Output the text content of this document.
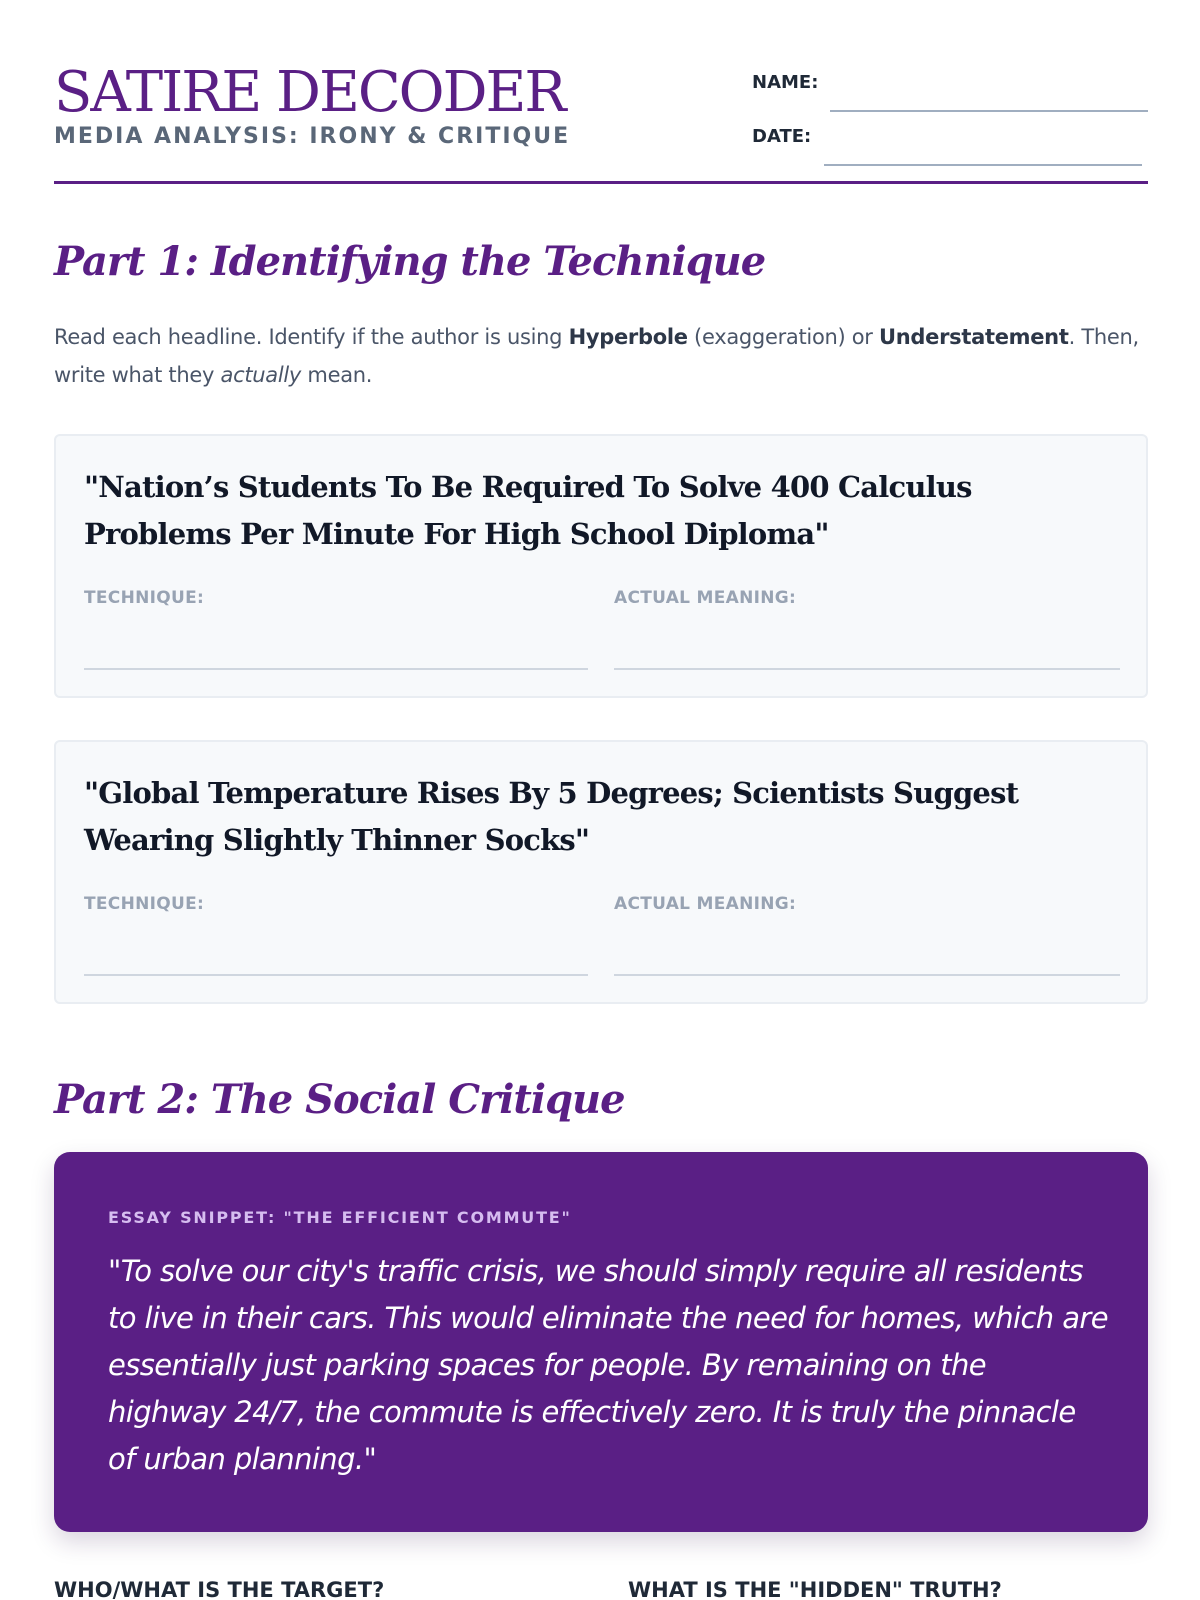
SATIRE DECODER
MEDIA ANALYSIS: IRONY & CRITIQUE
NAME:
DATE:
Part 1: Identifying the Technique

Read each headline. Identify if the author is using Hyperbole (exaggeration) or Understatement. Then, write what they actually mean.

"Nation’s Students To Be Required To Solve 400 Calculus Problems Per Minute For High School Diploma"
TECHNIQUE:	ACTUAL MEANING:
"Global Temperature Rises By 5 Degrees; Scientists Suggest Wearing Slightly Thinner Socks"
TECHNIQUE:	ACTUAL MEANING:
Part 2: The Social Critique
ESSAY SNIPPET: "THE EFFICIENT COMMUTE"
"To solve our city's traffic crisis, we should simply require all residents to live in their cars. This would eliminate the need for homes, which are essentially just parking spaces for people. By remaining on the highway 24/7, the commute is effectively zero. It is truly the pinnacle of urban planning."
WHO/WHAT IS THE TARGET?	WHAT IS THE "HIDDEN" TRUTH?
